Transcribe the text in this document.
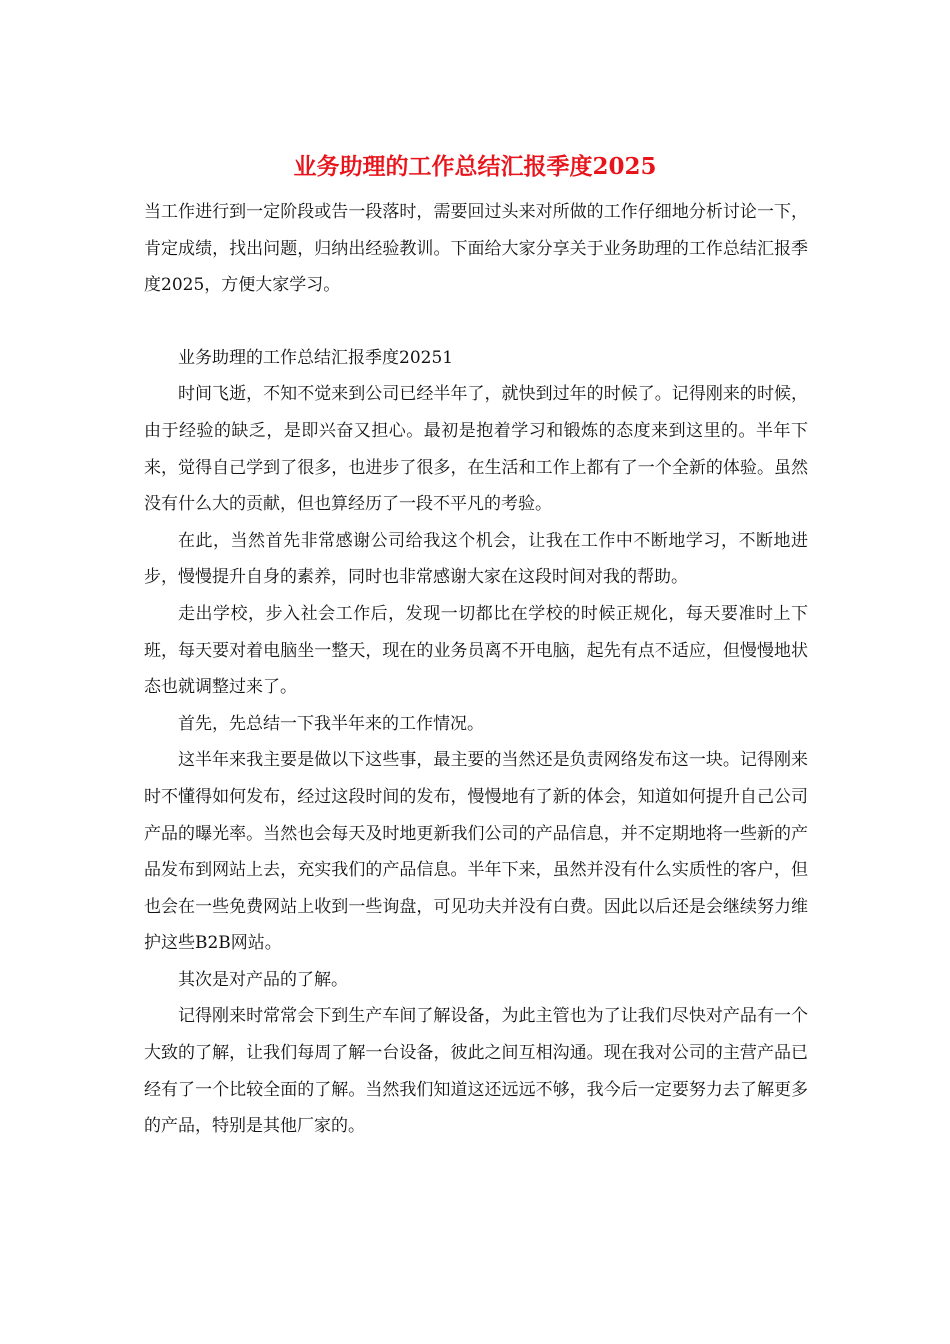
业务助理的工作总结汇报季度2025

当工作进行到一定阶段或告一段落时，需要回过头来对所做的工作仔细地分析讨论一下，肯定成绩，找出问题，归纳出经验教训。下面给大家分享关于业务助理的工作总结汇报季度2025，方便大家学习。

业务助理的工作总结汇报季度20251

时间飞逝，不知不觉来到公司已经半年了，就快到过年的时候了。记得刚来的时候，由于经验的缺乏，是即兴奋又担心。最初是抱着学习和锻炼的态度来到这里的。半年下来，觉得自己学到了很多，也进步了很多，在生活和工作上都有了一个全新的体验。虽然没有什么大的贡献，但也算经历了一段不平凡的考验。

在此，当然首先非常感谢公司给我这个机会，让我在工作中不断地学习，不断地进步，慢慢提升自身的素养，同时也非常感谢大家在这段时间对我的帮助。

走出学校，步入社会工作后，发现一切都比在学校的时候正规化，每天要准时上下班，每天要对着电脑坐一整天，现在的业务员离不开电脑，起先有点不适应，但慢慢地状态也就调整过来了。

首先，先总结一下我半年来的工作情况。

这半年来我主要是做以下这些事，最主要的当然还是负责网络发布这一块。记得刚来时不懂得如何发布，经过这段时间的发布，慢慢地有了新的体会，知道如何提升自己公司产品的曝光率。当然也会每天及时地更新我们公司的产品信息，并不定期地将一些新的产品发布到网站上去，充实我们的产品信息。半年下来，虽然并没有什么实质性的客户，但也会在一些免费网站上收到一些询盘，可见功夫并没有白费。因此以后还是会继续努力维护这些B2B网站。

其次是对产品的了解。

记得刚来时常常会下到生产车间了解设备，为此主管也为了让我们尽快对产品有一个大致的了解，让我们每周了解一台设备，彼此之间互相沟通。现在我对公司的主营产品已经有了一个比较全面的了解。当然我们知道这还远远不够，我今后一定要努力去了解更多的产品，特别是其他厂家的。
